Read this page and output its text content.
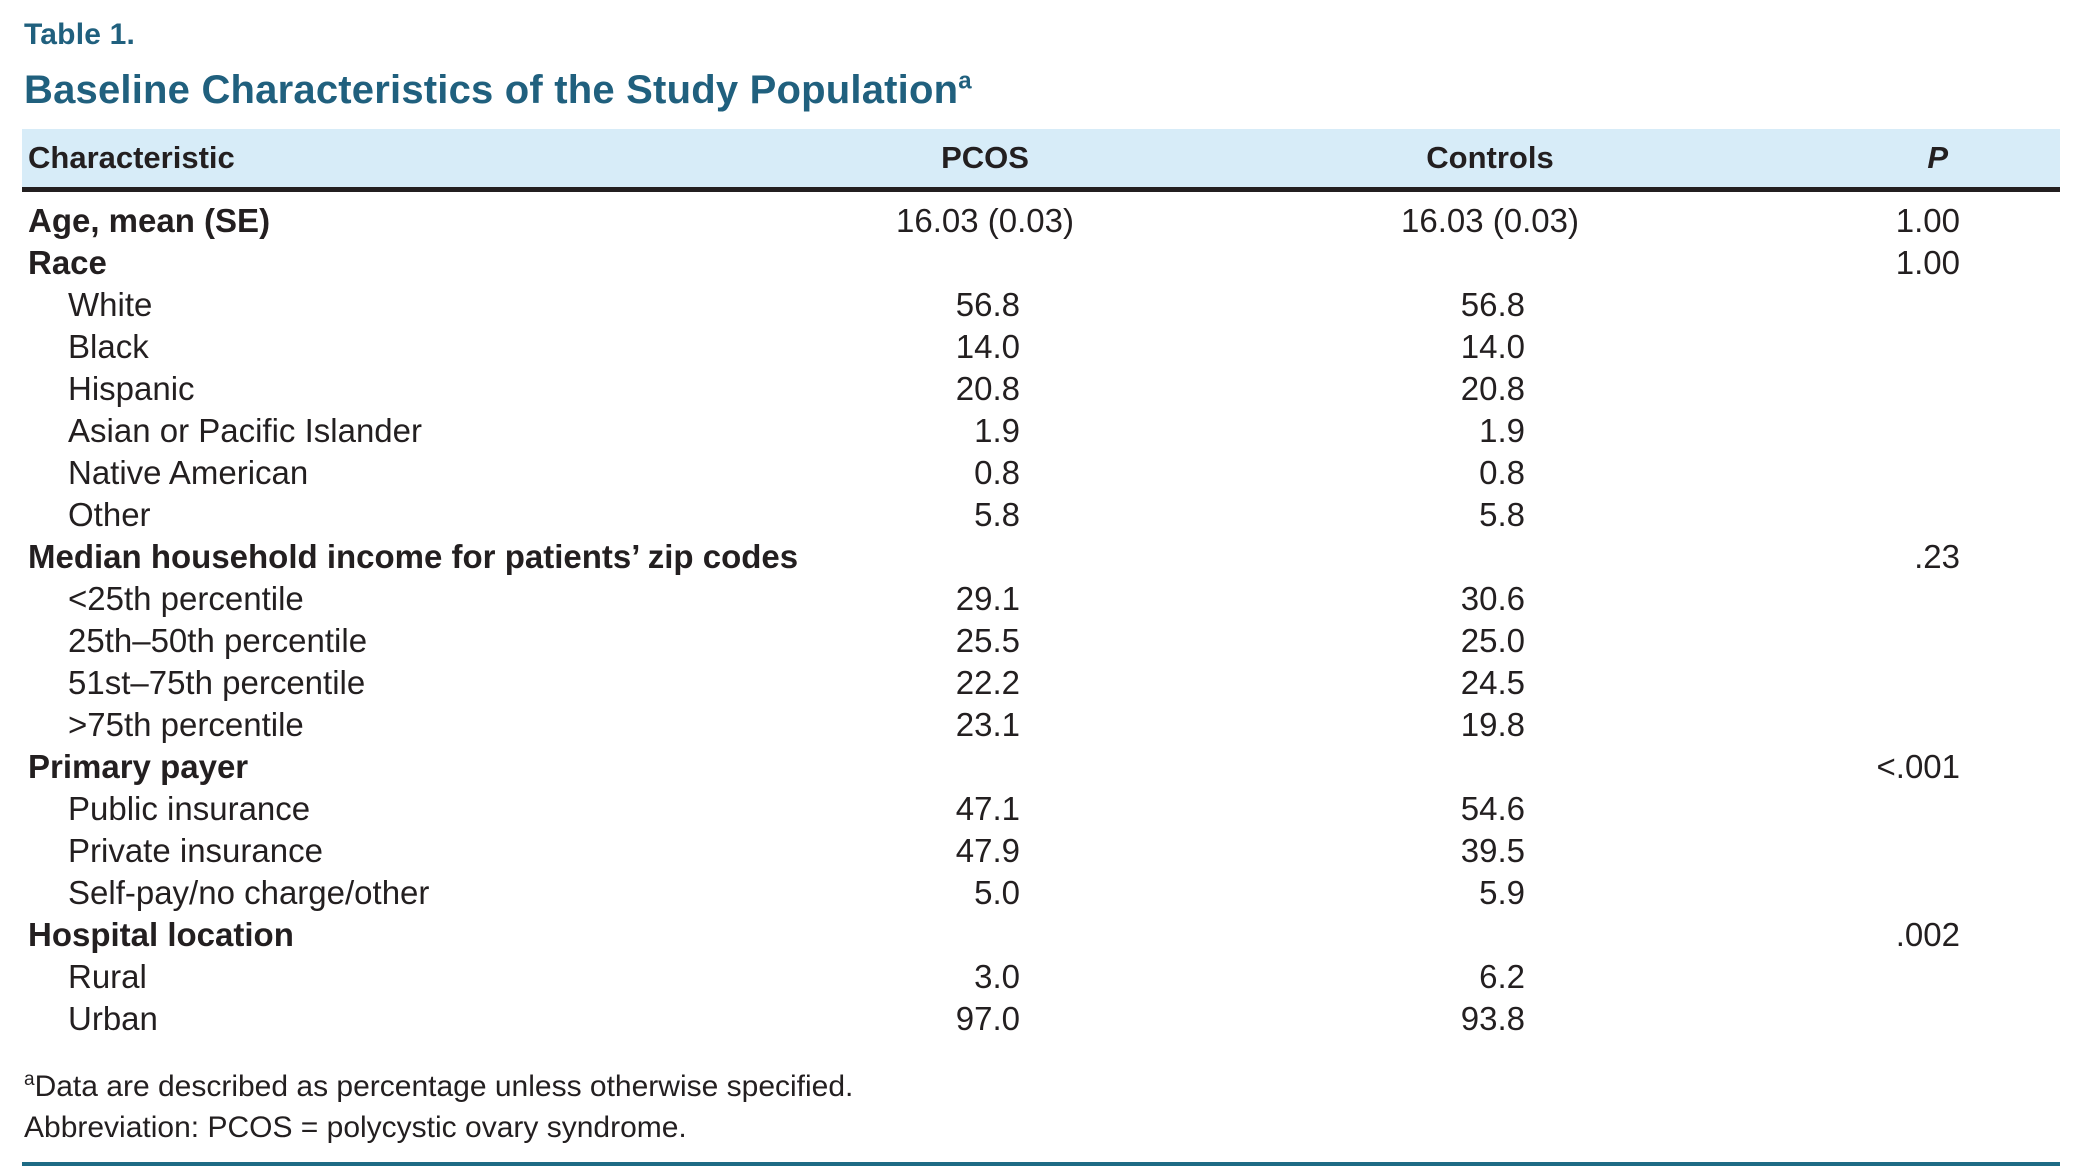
Table 1.
Baseline Characteristics of the Study Population$^a$
Characteristic	PCOS	Controls	P
Age, mean (SE)	16.03 (0.03)	16.03 (0.03)	1.00
Race			1.00
White	56.8	56.8	
Black	14.0	14.0	
Hispanic	20.8	20.8	
Asian or Pacific Islander	1.9	1.9	
Native American	0.8	0.8	
Other	5.8	5.8	
Median household income for patients’ zip codes			.23
<25th percentile	29.1	30.6	
25th–50th percentile	25.5	25.0	
51st–75th percentile	22.2	24.5	
>75th percentile	23.1	19.8	
Primary payer			<.001
Public insurance	47.1	54.6	
Private insurance	47.9	39.5	
Self-pay/no charge/other	5.0	5.9	
Hospital location			.002
Rural	3.0	6.2	
Urban	97.0	93.8	

$^a$Data are described as percentage unless otherwise specified.

Abbreviation: PCOS = polycystic ovary syndrome.
